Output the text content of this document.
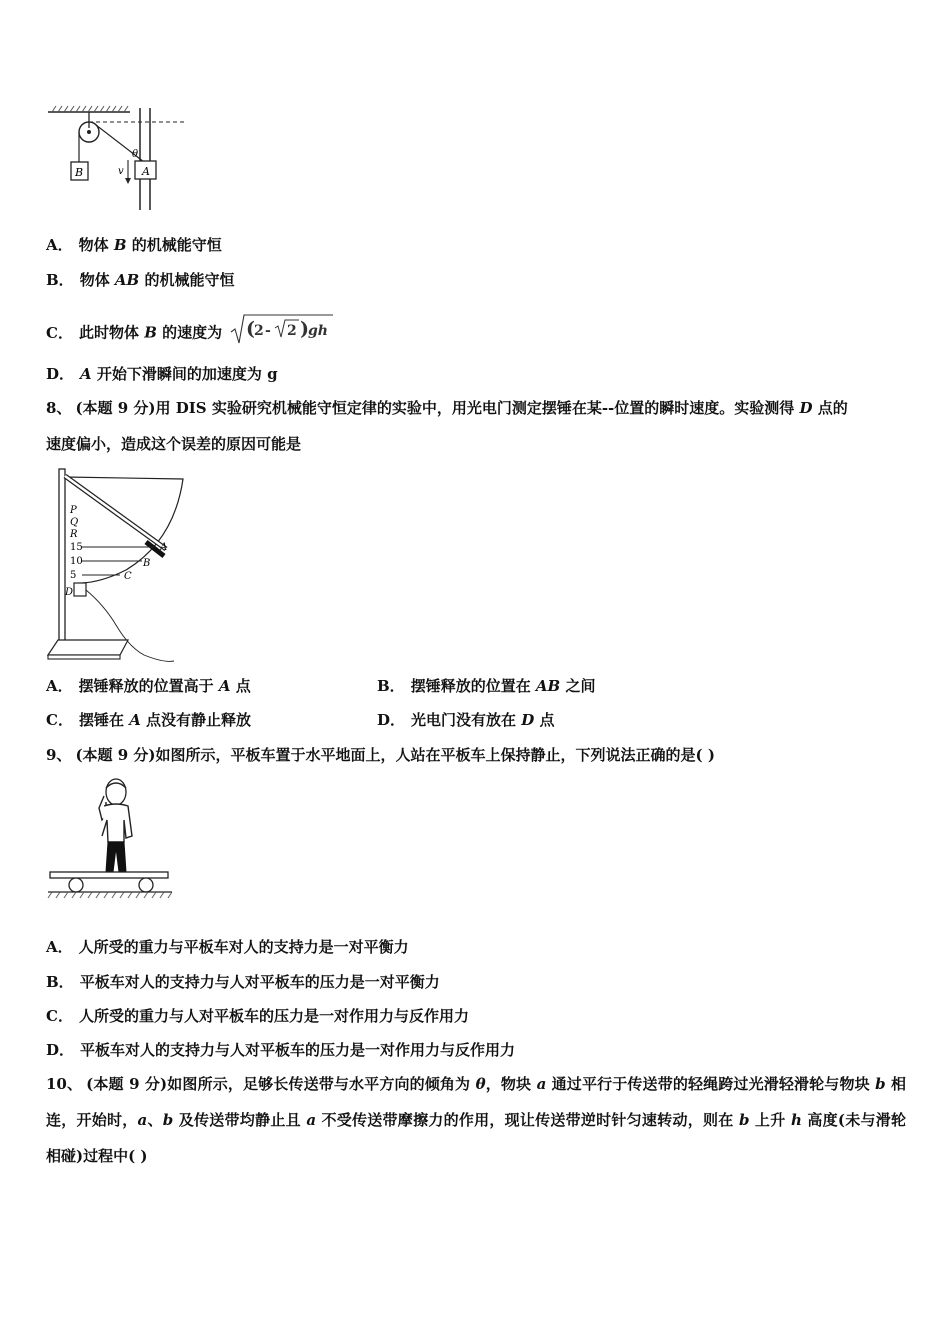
B	A
θ
v
A． 物体 B 的机械能守恒
B． 物体 AB 的机械能守恒
C． 此时物体 B 的速度为 ( 2 - 2 ) gh
D． A 开始下滑瞬间的加速度为 g
8、 (本题 9 分)用 DIS 实验研究机械能守恒定律的实验中，用光电门测定摆锤在某--位置的瞬时速度。实验测得 D 点的
速度偏小，造成这个误差的原因可能是
P
Q
R
15
10
5
A
B
C
D
A． 摆锤释放的位置高于 A 点	B． 摆锤释放的位置在 AB 之间
C． 摆锤在 A 点没有静止释放	D． 光电门没有放在 D 点
9、 (本题 9 分)如图所示，平板车置于水平地面上，人站在平板车上保持静止，下列说法正确的是( )
A． 人所受的重力与平板车对人的支持力是一对平衡力
B． 平板车对人的支持力与人对平板车的压力是一对平衡力
C． 人所受的重力与人对平板车的压力是一对作用力与反作用力
D． 平板车对人的支持力与人对平板车的压力是一对作用力与反作用力
10、 (本题 9 分)如图所示，足够长传送带与水平方向的倾角为 θ，物块 a 通过平行于传送带的轻绳跨过光滑轻滑轮与物块 b 相连，开始时，a、b 及传送带均静止且 a 不受传送带摩擦力的作用，现让传送带逆时针匀速转动，则在 b 上升 h 高度(未与滑轮相碰)过程中( )
